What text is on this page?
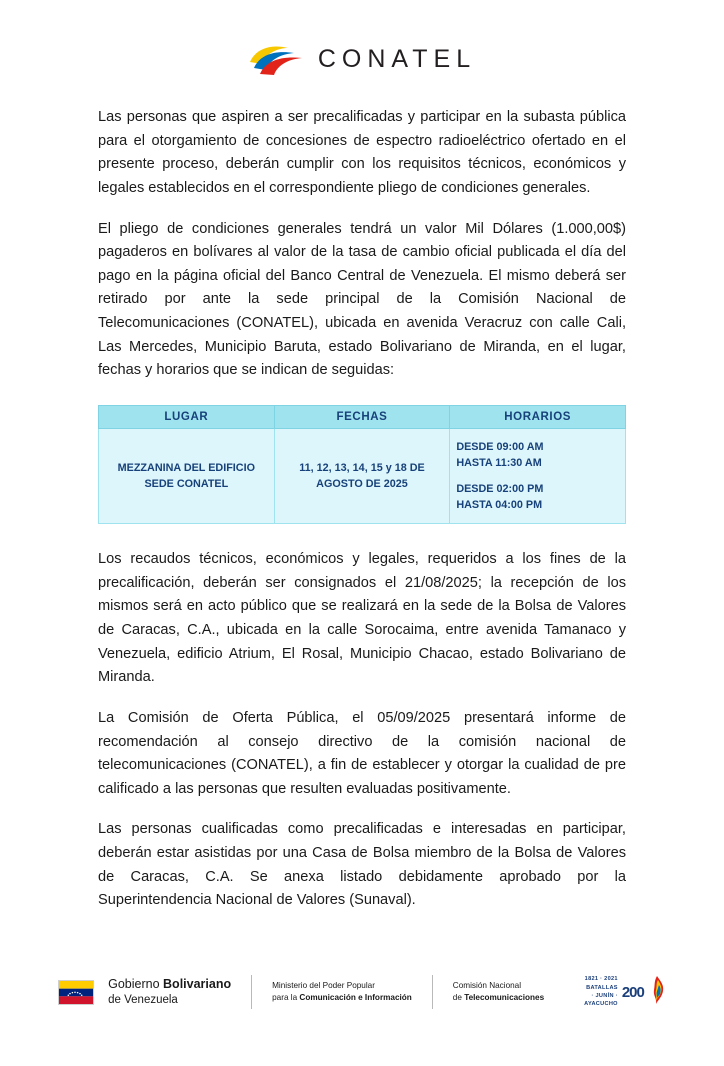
CONATEL

Las personas que aspiren a ser precalificadas y participar en la subasta pública para el otorgamiento de concesiones de espectro radioeléctrico ofertado en el presente proceso, deberán cumplir con los requisitos técnicos, económicos y legales establecidos en el correspondiente pliego de condiciones generales.

El pliego de condiciones generales tendrá un valor Mil Dólares (1.000,00$) pagaderos en bolívares al valor de la tasa de cambio oficial publicada el día del pago en la página oficial del Banco Central de Venezuela. El mismo deberá ser retirado por ante la sede principal de la Comisión Nacional de Telecomunicaciones (CONATEL), ubicada en avenida Veracruz con calle Cali, Las Mercedes, Municipio Baruta, estado Bolivariano de Miranda, en el lugar, fechas y horarios que se indican de seguidas:

LUGAR	FECHAS	HORARIOS
MEZZANINA DEL EDIFICIO SEDE CONATEL	11, 12, 13, 14, 15 y 18 DE AGOSTO DE 2025	DESDE 09:00 AM
HASTA 11:30 AM
DESDE 02:00 PM
HASTA 04:00 PM

Los recaudos técnicos, económicos y legales, requeridos a los fines de la precalificación, deberán ser consignados el 21/08/2025; la recepción de los mismos será en acto público que se realizará en la sede de la Bolsa de Valores de Caracas, C.A., ubicada en la calle Sorocaima, entre avenida Tamanaco y Venezuela, edificio Atrium, El Rosal, Municipio Chacao, estado Bolivariano de Miranda.

La Comisión de Oferta Pública, el 05/09/2025 presentará informe de recomendación al consejo directivo de la comisión nacional de telecomunicaciones (CONATEL), a fin de establecer y otorgar la cualidad de pre calificado a las personas que resulten evaluadas positivamente.

Las personas cualificadas como precalificadas e interesadas en participar, deberán estar asistidas por una Casa de Bolsa miembro de la Bolsa de Valores de Caracas, C.A. Se anexa listado debidamente aprobado por la Superintendencia Nacional de Valores (Sunaval).

Gobierno Bolivariano
de Venezuela
Ministerio del Poder Popular
para la Comunicación e Información
Comisión Nacional
de Telecomunicaciones
1821 · 2021
BATALLAS
· JUNÍN ·
AYACUCHO
200
